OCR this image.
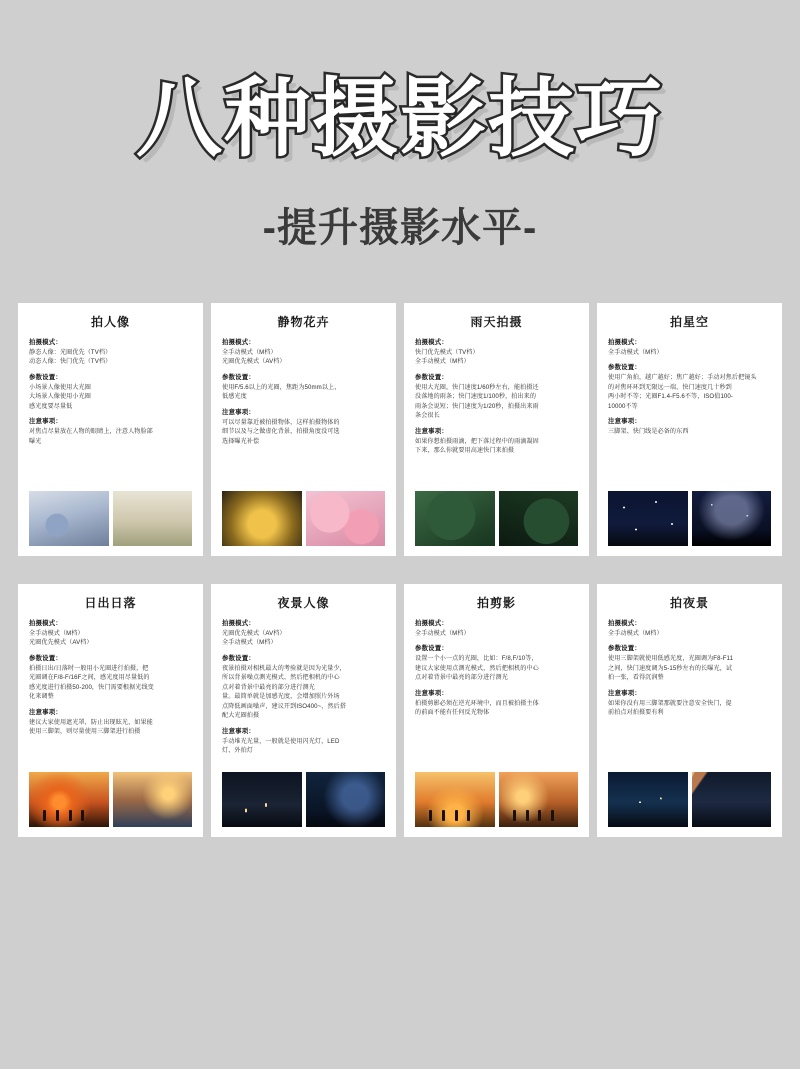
八种摄影技巧
-提升摄影水平-
拍人像
拍摄模式：
静态人像：光圈优先（TV档）
动态人像：快门优先（TV档）
参数设置：
小场景人像使用大光圈
大场景人像使用小光圈
感光度要尽量低
注意事项：
对焦点尽量放在人物的眼睛上，注意人物脸部
曝光
静物花卉
拍摄模式：
全手动模式（M档）
光圈优先模式（AV档）
参数设置：
使用F/5.6以上的光圈，焦距为50mm以上，
低感光度
注意事项：
可以尽量靠近被拍摄物体，这样拍摄物体的
细节以及与之做虚化背景，拍摄角度没可选
选择曝光补偿
雨天拍摄
拍摄模式：
快门优先模式（TV档）
全手动模式（M档）
参数设置：
使用大光圈，快门速度1/60秒左右，能拍摄还
没落地的雨条；快门速度1/100秒，拍出来的
雨条会说短；快门速度为1/20秒，拍摄出来雨
条会很长
注意事项：
如果你想拍摄雨滴，把下落过程中的雨滴凝固
下来，那么你就要用高速快门来拍摄
拍星空
拍摄模式：
全手动模式（M档）
参数设置：
使用广角拍，越广越好；焦广越好；手动对焦后把镜头
的对焦环环到无限远一端，快门速度几十秒到
两小时不等；光圈F1.4-F5.6不等，ISO值100-
10000不等
注意事项：
三脚架、快门线是必备的东西
日出日落
拍摄模式：
全手动模式（M档）
光圈优先模式（AV档）
参数设置：
拍摄日出/日落时一般用小光圈进行拍摄，把
光圈调在F/8-F/16F之间，感光度用尽量低的
感光度进行拍摄50-200，快门需要根据光线变
化来调整
注意事项：
建议大家使用遮光罩，防止出现眩光，如果能
使用三脚架，则尽量使用三脚架进行拍摄
夜景人像
拍摄模式：
光圈优先模式（AV档）
全手动模式（M档）
参数设置：
夜景拍摄对相机最大的考验就是因为光量少，
所以背景噪点测光模式、然后把相机的中心
点对着背景中最亮的部分进行测光
量。最简单就是加感光度，会增加照片外场
点降低画面噪声，建议开到ISO400~，然后搭
配大光圈拍摄
注意事项：
手动堆光光量，一般就是使用闪光灯，LED
灯、外拍灯
拍剪影
拍摄模式：
全手动模式（M档）
参数设置：
设置一个小一点的光圈，比如：F/8,F/10等，
建议大家使用点测光模式，然后把相机的中心
点对着背景中最亮的部分进行测光
注意事项：
拍摄剪影必须在逆光环境中，而且被拍摄主体
的前面不能有任何反光物体
拍夜景
拍摄模式：
全手动模式（M档）
参数设置：
使用三脚架就使用低感光度，光圈调为F8-F11
之间，快门速度调为5-15秒左右的长曝光，试
拍一张，看得沉润整
注意事项：
如果你没有用三脚架那就要注意安全快门，提
前拍点对拍摄要有利
